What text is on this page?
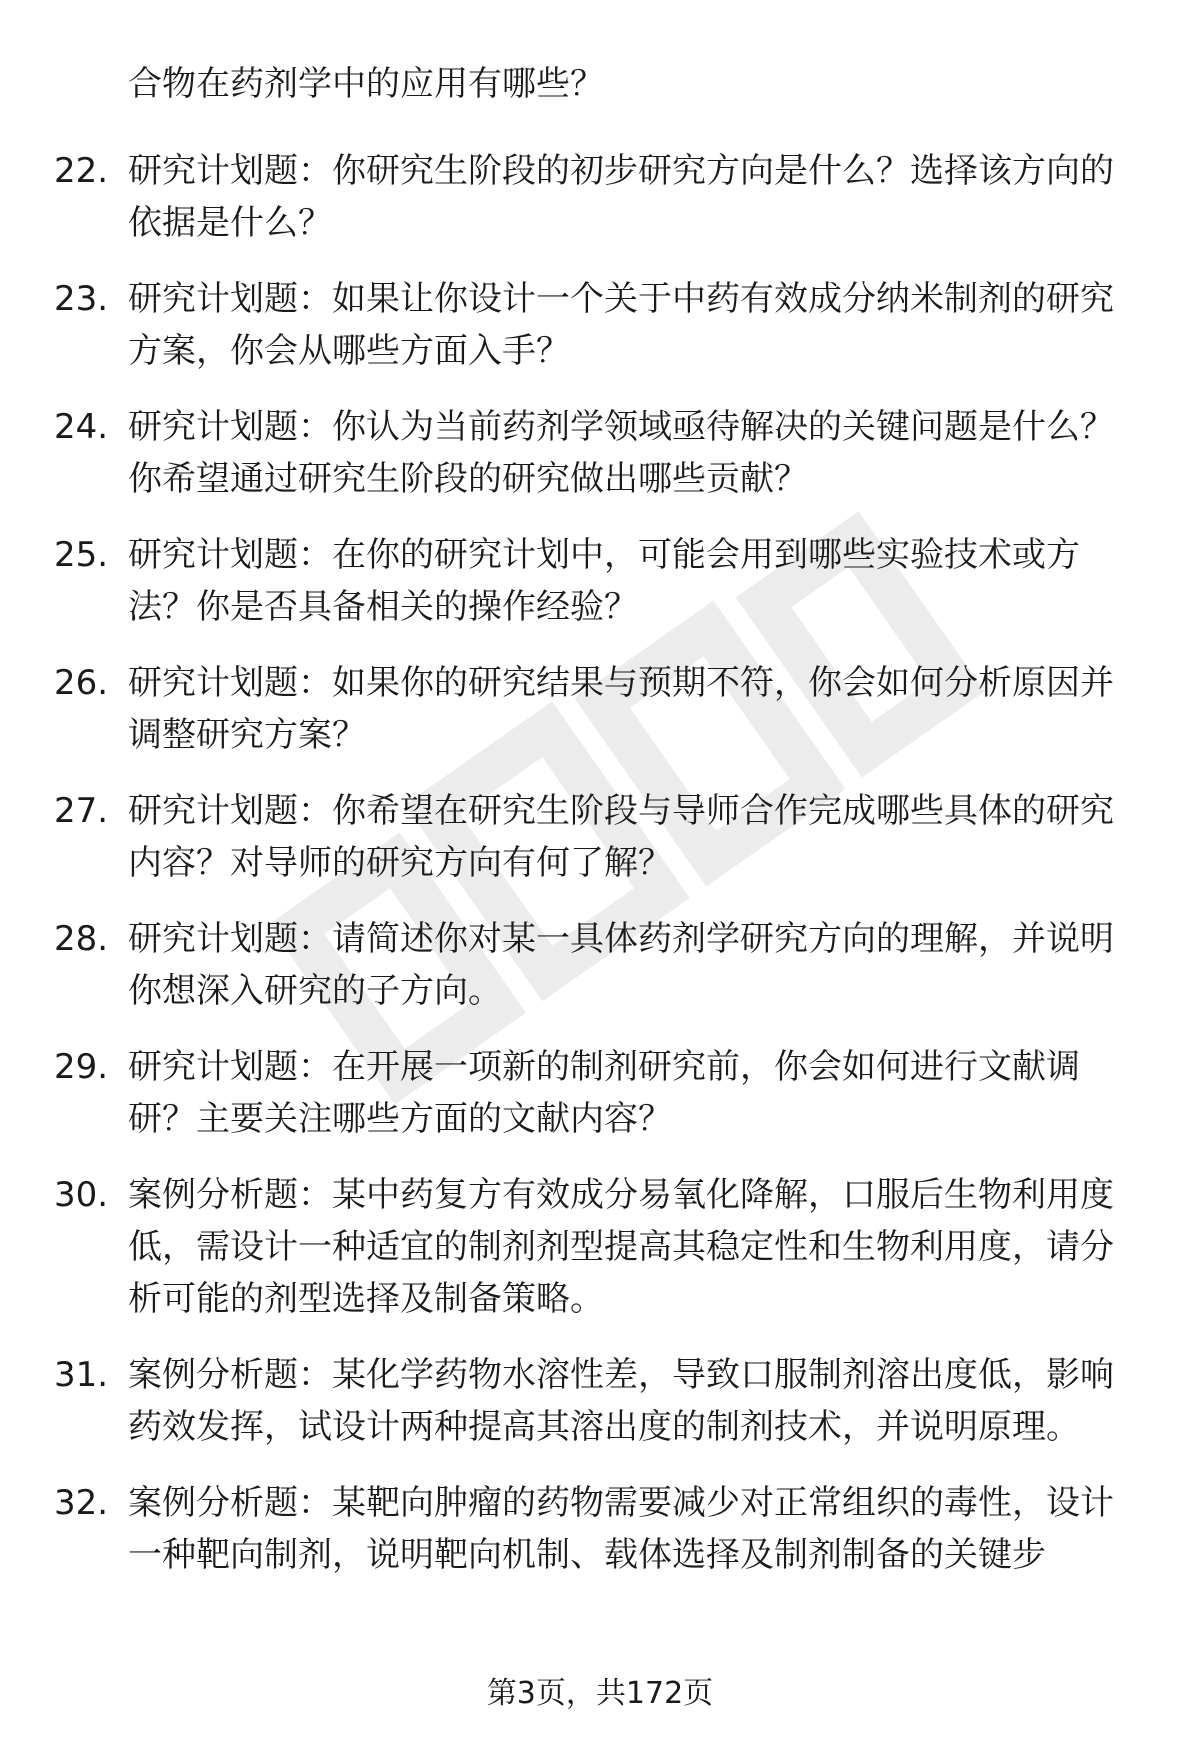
合物在药剂学中的应用有哪些？

22. 研究计划题：你研究生阶段的初步研究方向是什么？选择该方向的依据是什么？
23. 研究计划题：如果让你设计一个关于中药有效成分纳米制剂的研究方案，你会从哪些方面入手？
24. 研究计划题：你认为当前药剂学领域亟待解决的关键问题是什么？你希望通过研究生阶段的研究做出哪些贡献？
25. 研究计划题：在你的研究计划中，可能会用到哪些实验技术或方法？你是否具备相关的操作经验？
26. 研究计划题：如果你的研究结果与预期不符，你会如何分析原因并调整研究方案？
27. 研究计划题：你希望在研究生阶段与导师合作完成哪些具体的研究内容？对导师的研究方向有何了解？
28. 研究计划题：请简述你对某一具体药剂学研究方向的理解，并说明你想深入研究的子方向。
29. 研究计划题：在开展一项新的制剂研究前，你会如何进行文献调研？主要关注哪些方面的文献内容？
30. 案例分析题：某中药复方有效成分易氧化降解，口服后生物利用度低，需设计一种适宜的制剂剂型提高其稳定性和生物利用度，请分析可能的剂型选择及制备策略。
31. 案例分析题：某化学药物水溶性差，导致口服制剂溶出度低，影响药效发挥，试设计两种提高其溶出度的制剂技术，并说明原理。
32. 案例分析题：某靶向肿瘤的药物需要减少对正常组织的毒性，设计一种靶向制剂，说明靶向机制、载体选择及制剂制备的关键步
第3页，共172页
